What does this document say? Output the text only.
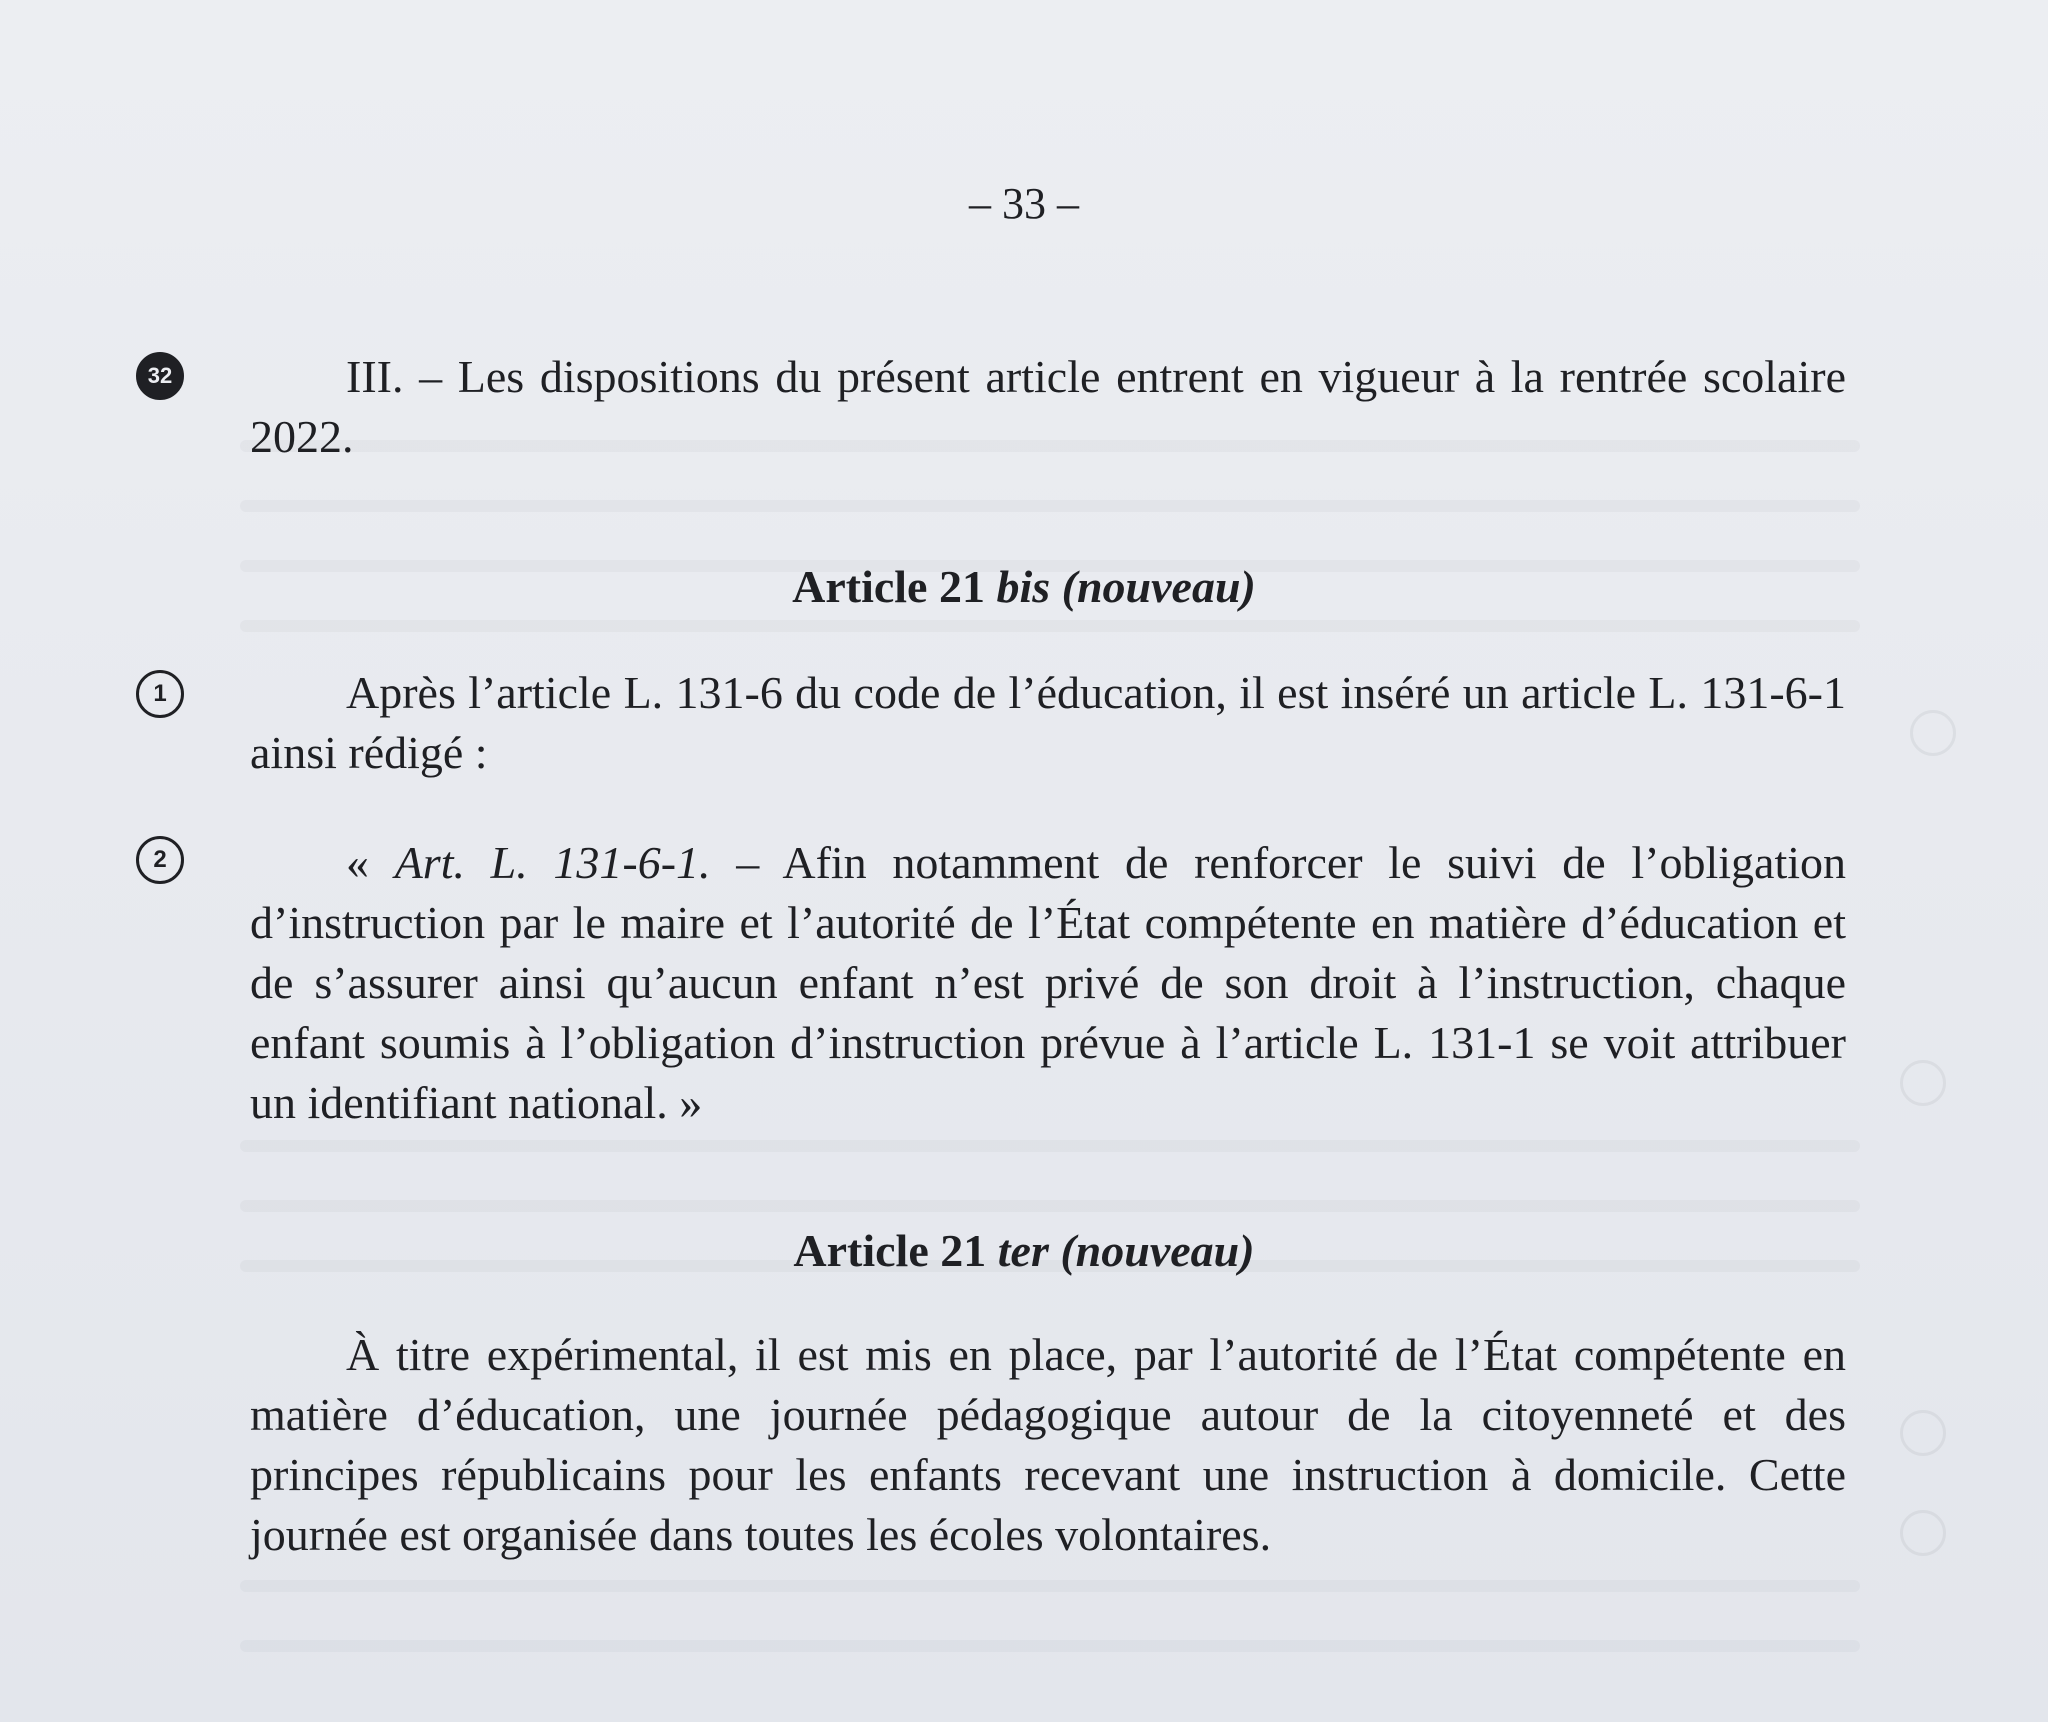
– 33 –
32	III. – Les dispositions du présent article entrent en vigueur à la rentrée scolaire 2022.

Article 21 bis (nouveau)
1	Après l’article L. 131-6 du code de l’éducation, il est inséré un article L. 131-6-1 ainsi rédigé :

2	« Art. L. 131-6-1. – Afin notamment de renforcer le suivi de l’obligation d’instruction par le maire et l’autorité de l’État compétente en matière d’éducation et de s’assurer ainsi qu’aucun enfant n’est privé de son droit à l’instruction, chaque enfant soumis à l’obligation d’instruction prévue à l’article L. 131-1 se voit attribuer un identifiant national. »

Article 21 ter (nouveau)

À titre expérimental, il est mis en place, par l’autorité de l’État compétente en matière d’éducation, une journée pédagogique autour de la citoyenneté et des principes républicains pour les enfants recevant une instruction à domicile. Cette journée est organisée dans toutes les écoles volontaires.
